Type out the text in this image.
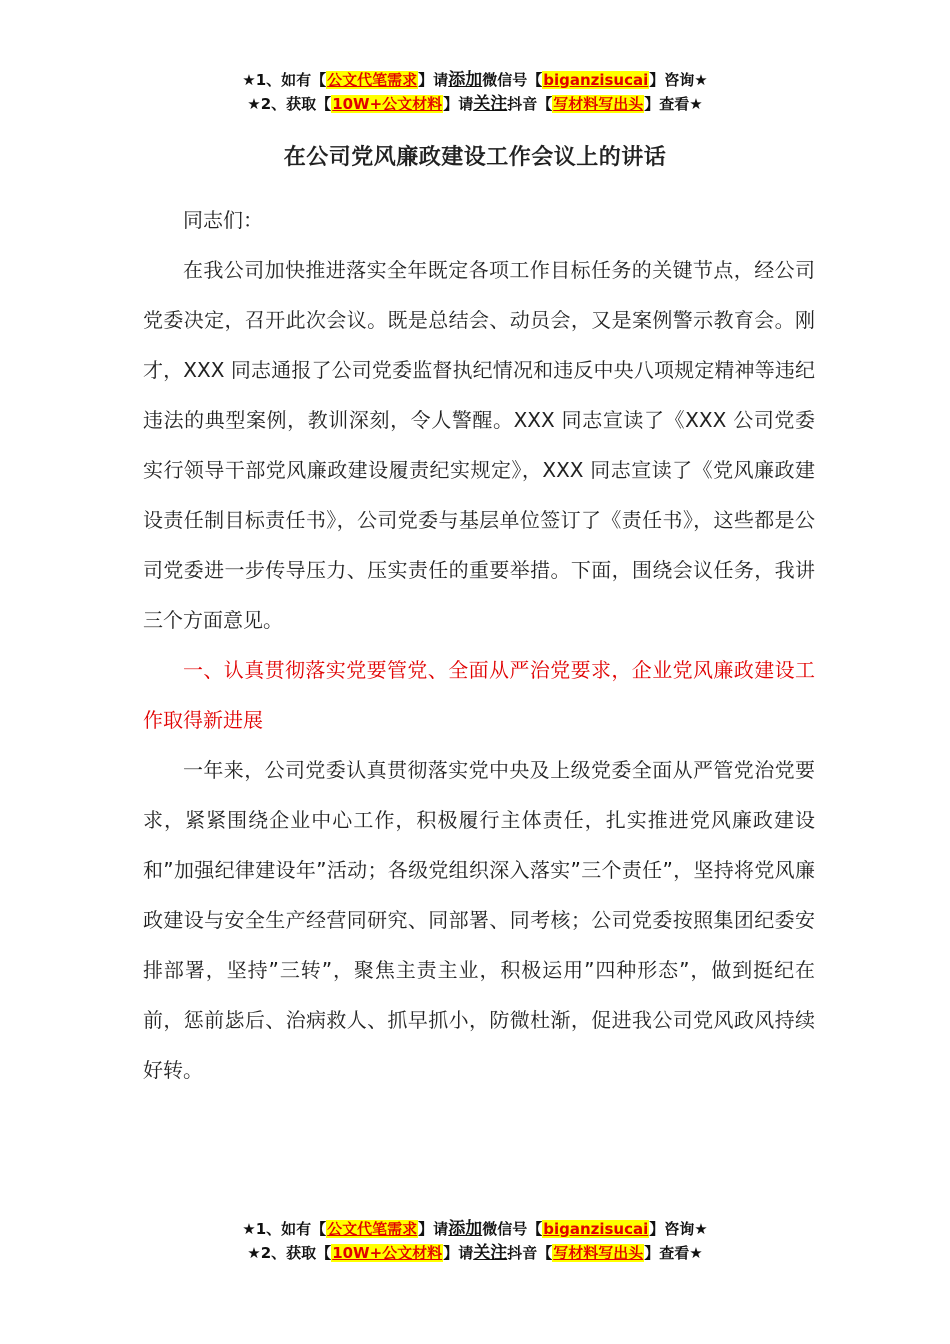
★1、如有【公文代笔需求】请添加微信号【biganzisucai】咨询★
★2、获取【10W+公文材料】请关注抖音【写材料写出头】查看★
在公司党风廉政建设工作会议上的讲话

同志们：

在我公司加快推进落实全年既定各项工作目标任务的关键节点，经公司党委决定，召开此次会议。既是总结会、动员会，又是案例警示教育会。刚才，XXX 同志通报了公司党委监督执纪情况和违反中央八项规定精神等违纪违法的典型案例，教训深刻，令人警醒。XXX 同志宣读了《XXX 公司党委实行领导干部党风廉政建设履责纪实规定》，XXX 同志宣读了《党风廉政建设责任制目标责任书》，公司党委与基层单位签订了《责任书》，这些都是公司党委进一步传导压力、压实责任的重要举措。下面，围绕会议任务，我讲三个方面意见。

一、认真贯彻落实党要管党、全面从严治党要求，企业党风廉政建设工作取得新进展

一年来，公司党委认真贯彻落实党中央及上级党委全面从严管党治党要求，紧紧围绕企业中心工作，积极履行主体责任，扎实推进党风廉政建设和”加强纪律建设年”活动；各级党组织深入落实”三个责任”，坚持将党风廉政建设与安全生产经营同研究、同部署、同考核；公司党委按照集团纪委安排部署，坚持”三转”，聚焦主责主业，积极运用”四种形态”，做到挺纪在前，惩前毖后、治病救人、抓早抓小，防微杜渐，促进我公司党风政风持续好转。

★1、如有【公文代笔需求】请添加微信号【biganzisucai】咨询★
★2、获取【10W+公文材料】请关注抖音【写材料写出头】查看★
